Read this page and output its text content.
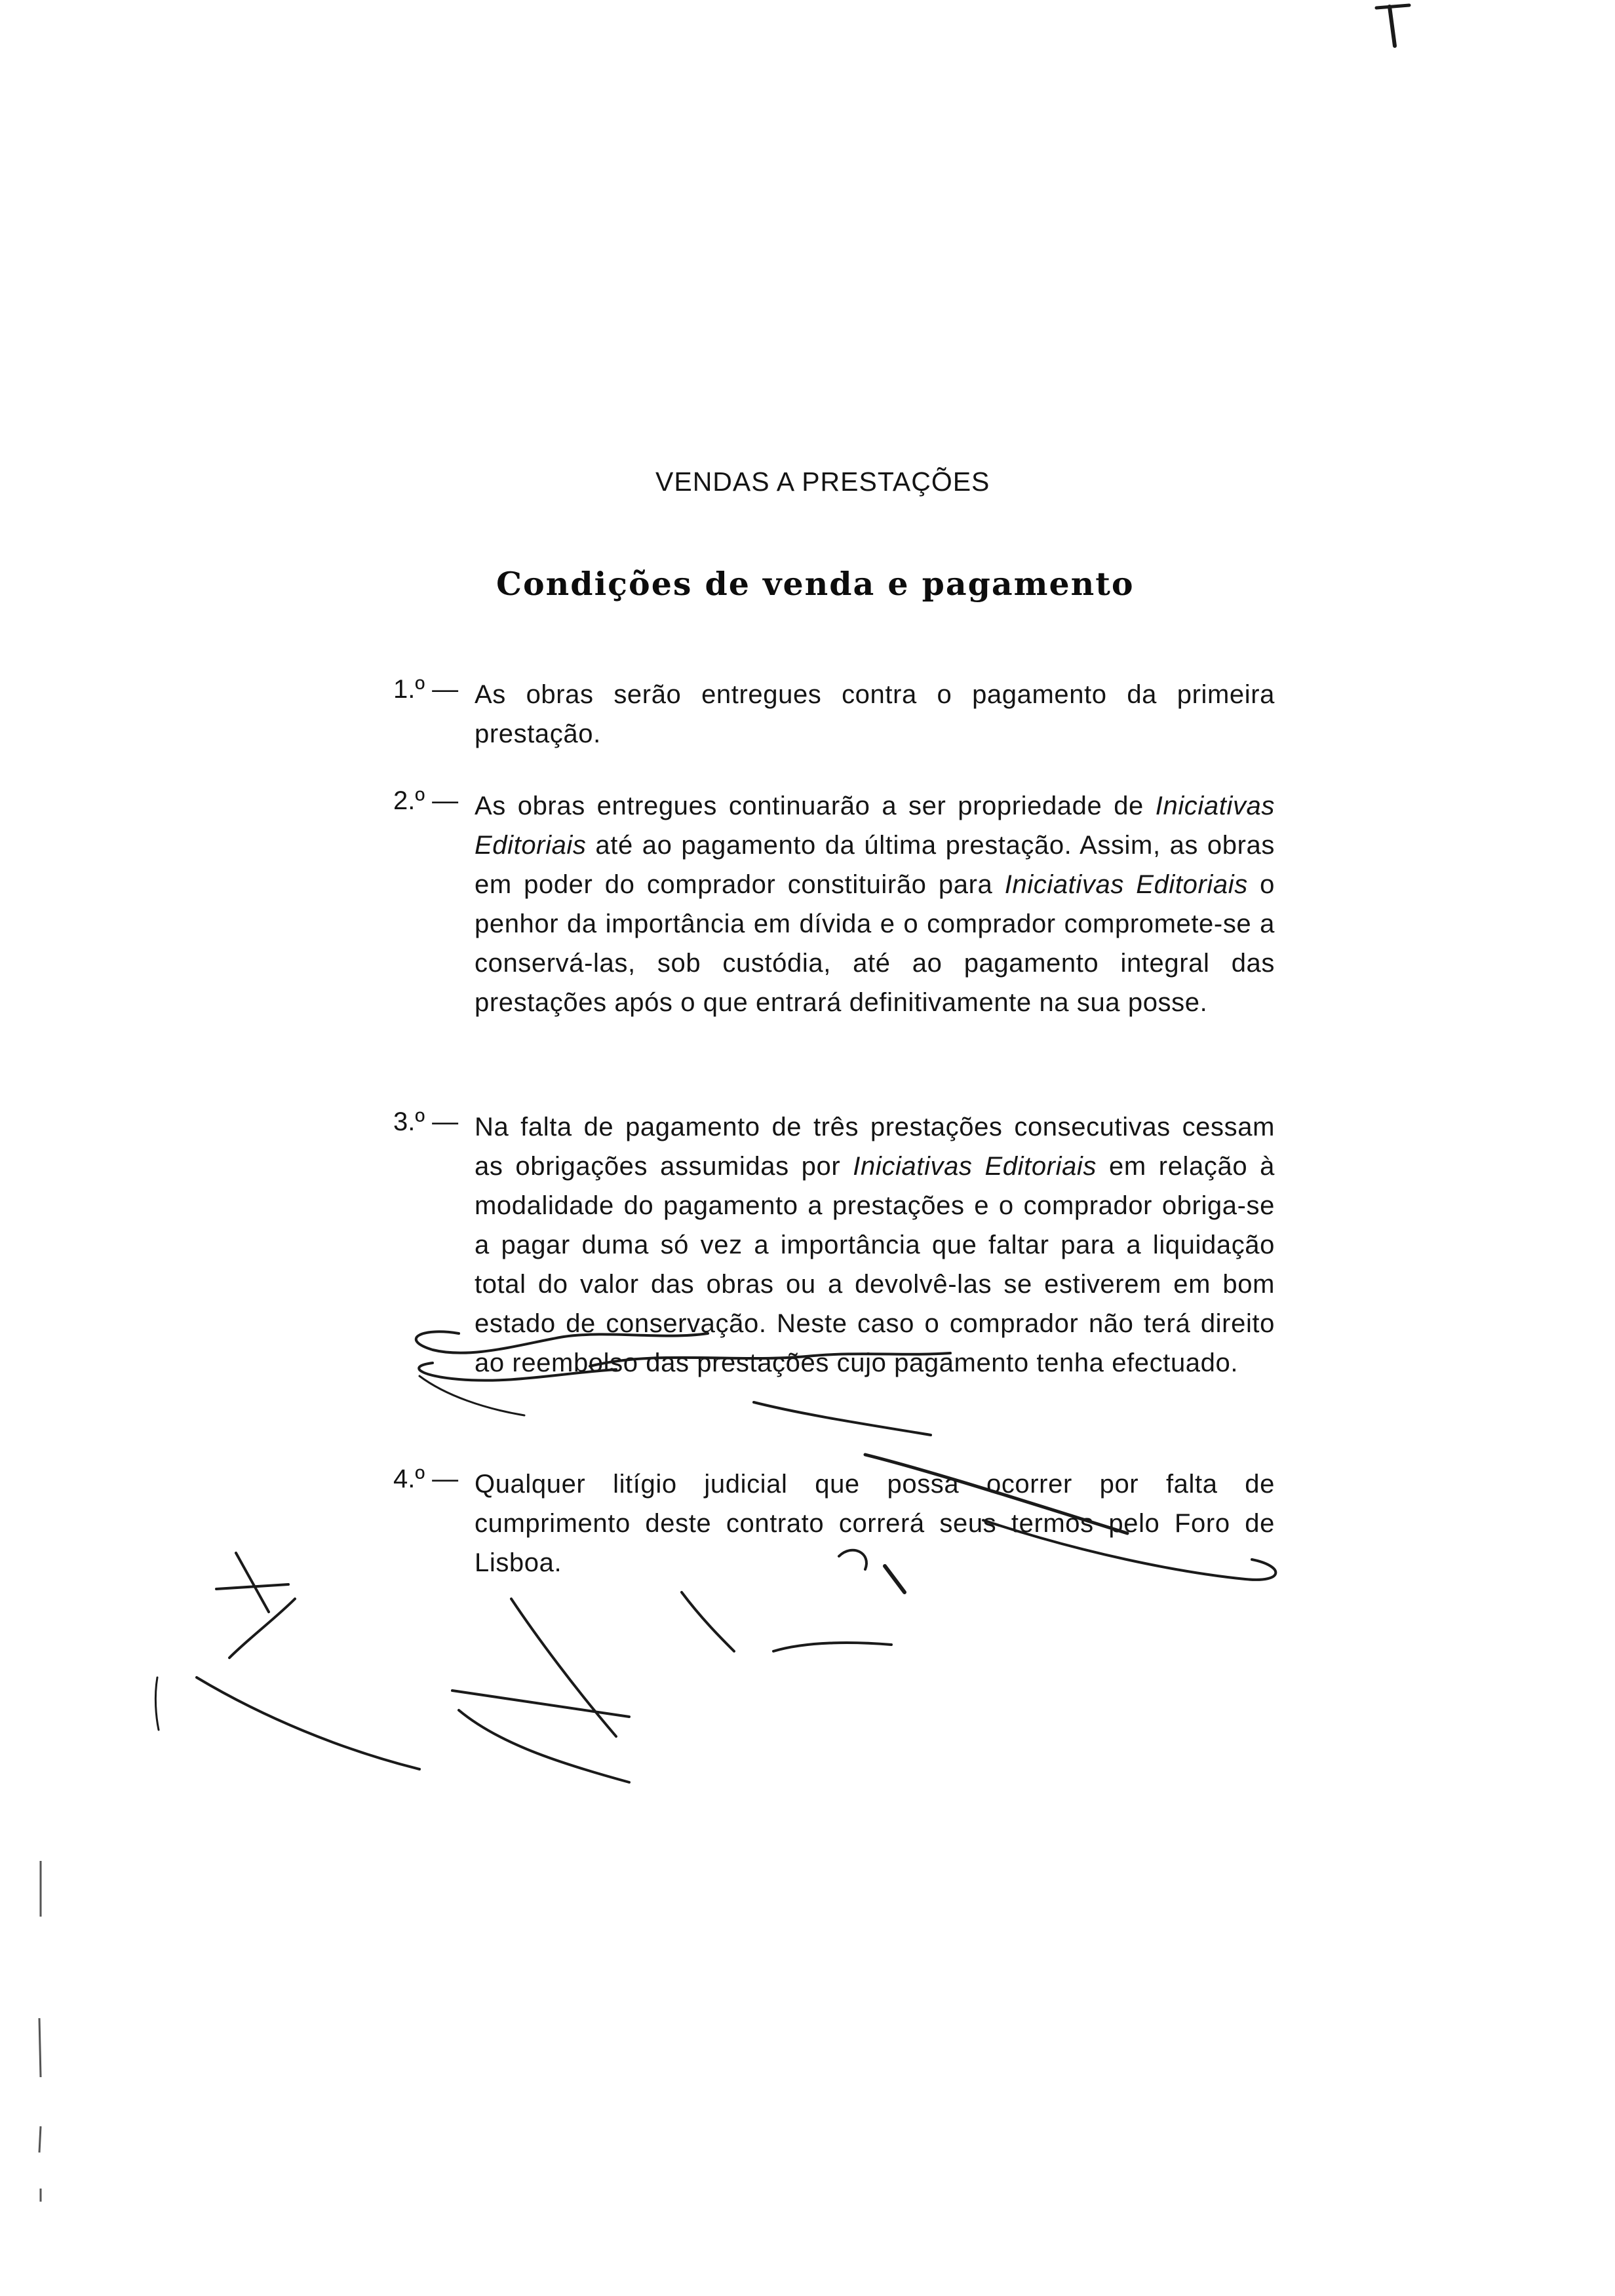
VENDAS A PRESTAÇÕES
Condições de venda e pagamento
1.º — As obras serão entregues contra o pagamento da primeira prestação.
2.º — As obras entregues continuarão a ser propriedade de Iniciativas Editoriais até ao pagamento da última prestação. Assim, as obras em poder do comprador constituirão para Iniciativas Editoriais o penhor da importância em dívida e o comprador compromete-se a conservá-las, sob custódia, até ao pagamento integral das prestações após o que entrará definitivamente na sua posse.
3.º — Na falta de pagamento de três prestações consecutivas cessam as obrigações assumidas por Iniciativas Editoriais em relação à modalidade do pagamento a prestações e o comprador obriga-se a pagar duma só vez a importância que faltar para a liquidação total do valor das obras ou a devolvê-las se estiverem em bom estado de conservação. Neste caso o comprador não terá direito ao reembolso das prestações cujo pagamento tenha efectuado.
4.º — Qualquer litígio judicial que possa ocorrer por falta de cumprimento deste contrato correrá seus termos pelo Foro de Lisboa.
